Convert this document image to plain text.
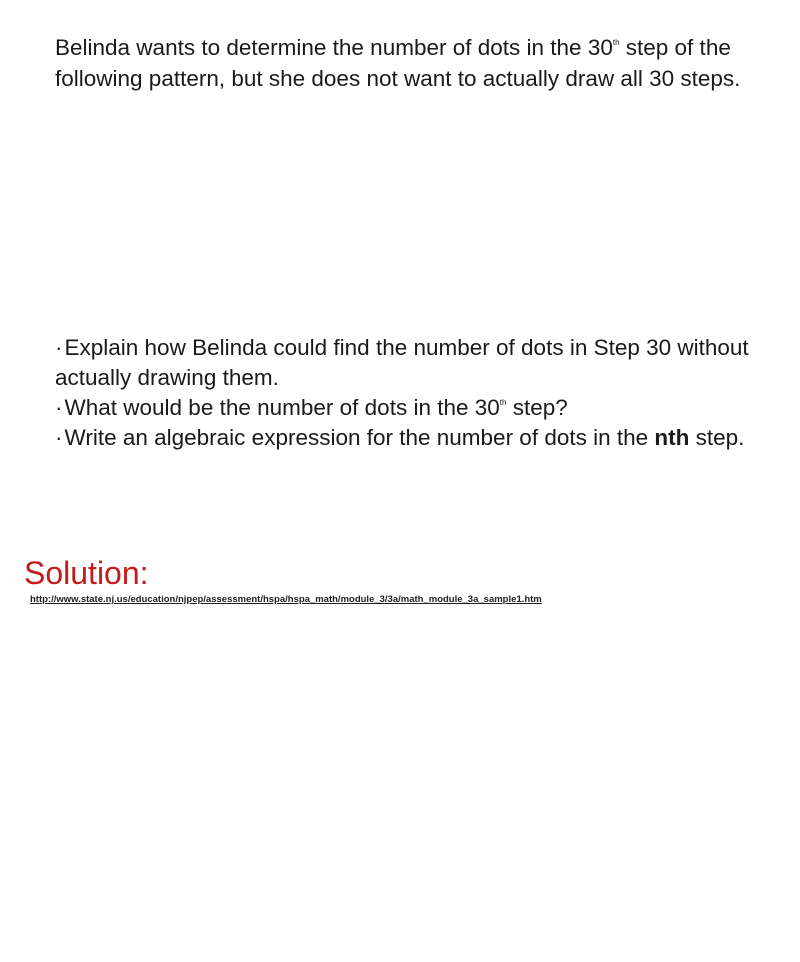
Belinda wants to determine the number of dots in the 30th step of the following pattern, but she does not want to actually draw all 30 steps.

·Explain how Belinda could find the number of dots in Step 30 without actually drawing them.

·What would be the number of dots in the 30th step?

·Write an algebraic expression for the number of dots in the nth step.

Solution:
http://www.state.nj.us/education/njpep/assessment/hspa/hspa_math/module_3/3a/math_module_3a_sample1.htm
